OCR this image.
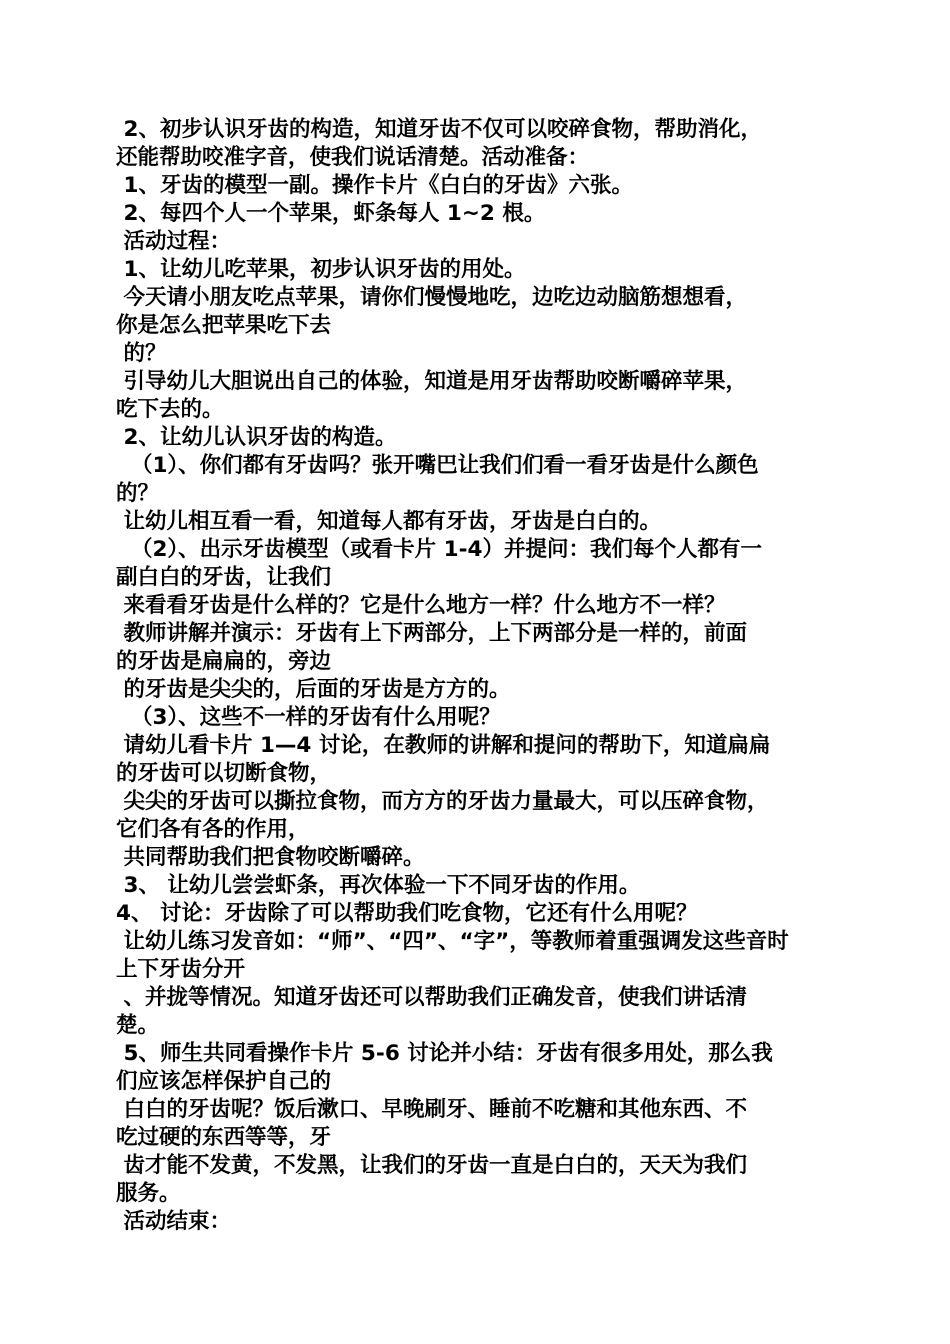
2、初步认识牙齿的构造，知道牙齿不仅可以咬碎食物，帮助消化，
还能帮助咬准字音，使我们说话清楚。活动准备：
1、牙齿的模型一副。操作卡片《白白的牙齿》六张。
2、每四个人一个苹果，虾条每人 1~2 根。
活动过程：
1、让幼儿吃苹果，初步认识牙齿的用处。
今天请小朋友吃点苹果，请你们慢慢地吃，边吃边动脑筋想想看，
你是怎么把苹果吃下去
的？
引导幼儿大胆说出自己的体验，知道是用牙齿帮助咬断嚼碎苹果，
吃下去的。
2、让幼儿认识牙齿的构造。
（1）、你们都有牙齿吗？张开嘴巴让我们们看一看牙齿是什么颜色
的？
让幼儿相互看一看，知道每人都有牙齿，牙齿是白白的。
（2）、出示牙齿模型（或看卡片 1-4）并提问：我们每个人都有一
副白白的牙齿，让我们
来看看牙齿是什么样的？它是什么地方一样？什么地方不一样？
教师讲解并演示：牙齿有上下两部分，上下两部分是一样的，前面
的牙齿是扁扁的，旁边
的牙齿是尖尖的，后面的牙齿是方方的。
（3）、这些不一样的牙齿有什么用呢？
请幼儿看卡片 1—4 讨论，在教师的讲解和提问的帮助下，知道扁扁
的牙齿可以切断食物，
尖尖的牙齿可以撕拉食物，而方方的牙齿力量最大，可以压碎食物，
它们各有各的作用，
共同帮助我们把食物咬断嚼碎。
3、 让幼儿尝尝虾条，再次体验一下不同牙齿的作用。
4、 讨论：牙齿除了可以帮助我们吃食物，它还有什么用呢？
让幼儿练习发音如：“师”、“四”、“字”，等教师着重强调发这些音时
上下牙齿分开
、并拢等情况。知道牙齿还可以帮助我们正确发音，使我们讲话清
楚。
5、师生共同看操作卡片 5-6 讨论并小结：牙齿有很多用处，那么我
们应该怎样保护自己的
白白的牙齿呢？饭后漱口、早晚刷牙、睡前不吃糖和其他东西、不
吃过硬的东西等等，牙
齿才能不发黄，不发黑，让我们的牙齿一直是白白的，天天为我们
服务。
活动结束：
